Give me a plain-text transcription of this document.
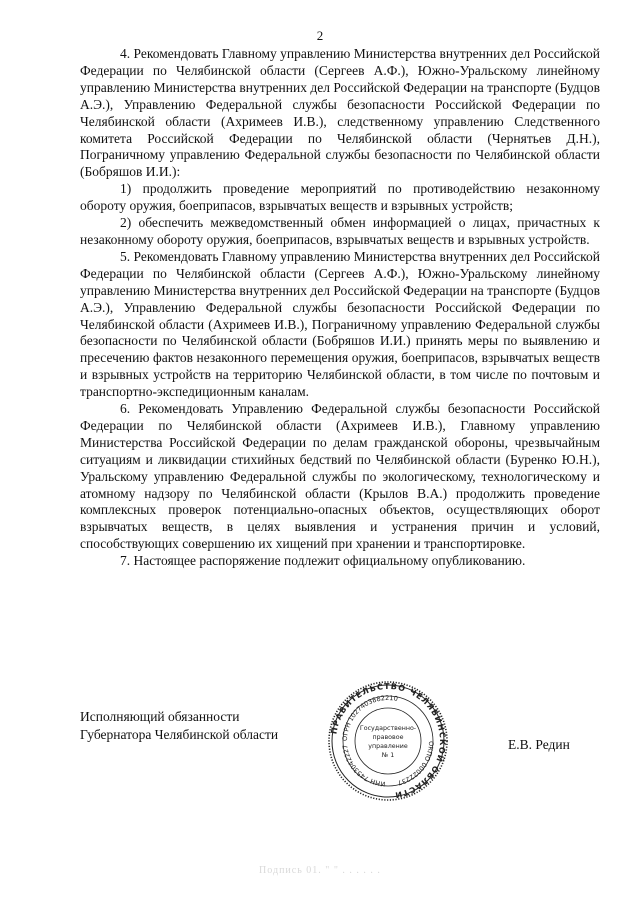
2

4. Рекомендовать Главному управлению Министерства внутренних дел Российской Федерации по Челябинской области (Сергеев А.Ф.), Южно-Уральскому линейному управлению Министерства внутренних дел Российской Федерации на транспорте (Будцов А.Э.), Управлению Федеральной службы безопасности Российской Федерации по Челябинской области (Ахримеев И.В.), следственному управлению Следственного комитета Российской Федерации по Челябинской области (Чернятьев Д.Н.), Пограничному управлению Федеральной службы безопасности по Челябинской области (Бобряшов И.И.):

1) продолжить проведение мероприятий по противодействию незаконному обороту оружия, боеприпасов, взрывчатых веществ и взрывных устройств;

2) обеспечить межведомственный обмен информацией о лицах, причастных к незаконному обороту оружия, боеприпасов, взрывчатых веществ и взрывных устройств.

5. Рекомендовать Главному управлению Министерства внутренних дел Российской Федерации по Челябинской области (Сергеев А.Ф.), Южно-Уральскому линейному управлению Министерства внутренних дел Российской Федерации на транспорте (Будцов А.Э.), Управлению Федеральной службы безопасности Российской Федерации по Челябинской области (Ахримеев И.В.), Пограничному управлению Федеральной службы безопасности по Челябинской области (Бобряшов И.И.) принять меры по выявлению и пресечению фактов незаконного перемещения оружия, боеприпасов, взрывчатых веществ и взрывных устройств на территорию Челябинской области, в том числе по почтовым и транспортно-экспедиционным каналам.

6. Рекомендовать Управлению Федеральной службы безопасности Российской Федерации по Челябинской области (Ахримеев И.В.), Главному управлению Министерства Российской Федерации по делам гражданской обороны, чрезвычайным ситуациям и ликвидации стихийных бедствий по Челябинской области (Буренко Ю.Н.), Уральскому управлению Федеральной службы по экологическому, технологическому и атомному надзору по Челябинской области (Крылов В.А.) продолжить проведение комплексных проверок потенциально-опасных объектов, осуществляющих оборот взрывчатых веществ, в целях выявления и устранения причин и условий, способствующих совершению их хищений при хранении и транспортировке.

7. Настоящее распоряжение подлежит официальному опубликованию.

Исполняющий обязанности
Губернатора Челябинской области	ПРАВИТЕЛЬСТВО ЧЕЛЯБИНСКОЙ ОБЛАСТИ
ОГРН 1027403882210
ОКПО 00022237
ИНН 7453042227
Государственно-
правовое
управление
№ 1
Е.В. Редин
Подпись 01. " " . . . . . .
